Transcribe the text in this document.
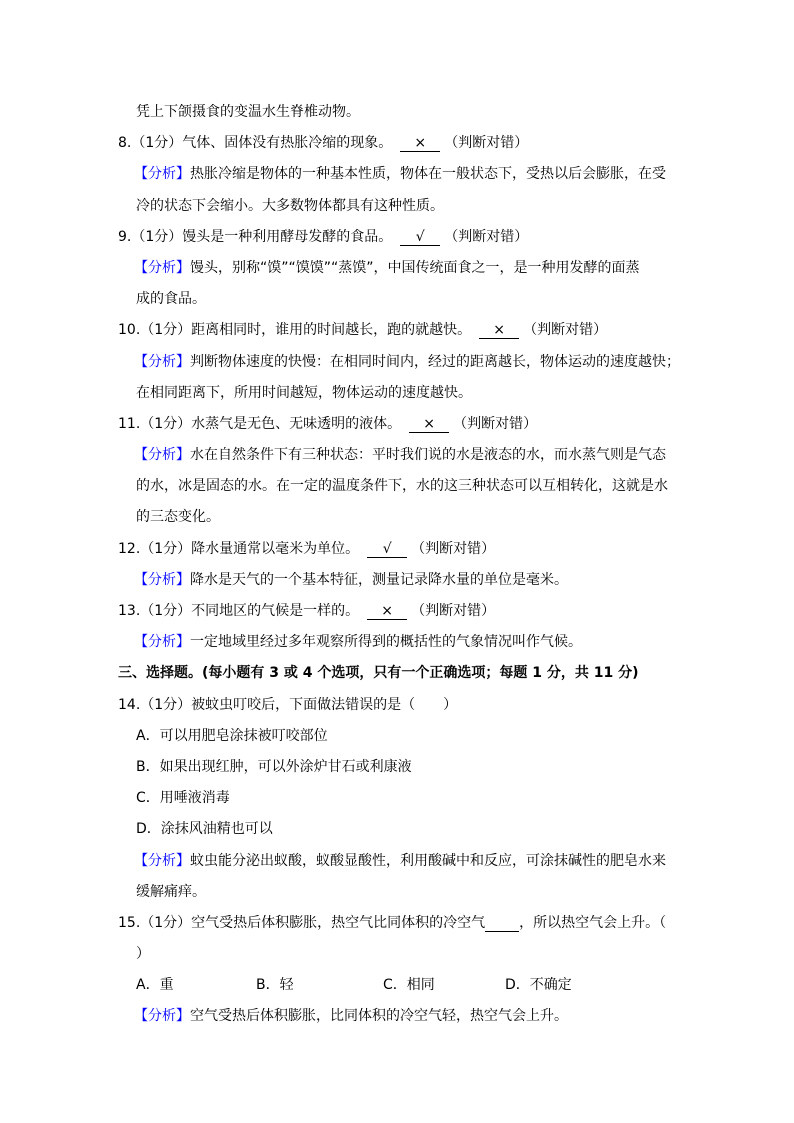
凭上下颌摄食的变温水生脊椎动物。
8.（1分）气体、固体没有热胀冷缩的现象。 × （判断对错）
【分析】热胀冷缩是物体的一种基本性质，物体在一般状态下，受热以后会膨胀，在受
冷的状态下会缩小。大多数物体都具有这种性质。
9.（1分）馒头是一种利用酵母发酵的食品。 √ （判断对错）
【分析】馒头，别称“馍”“馍馍”“蒸馍”，中国传统面食之一，是一种用发酵的面蒸
成的食品。
10.（1分）距离相同时，谁用的时间越长，跑的就越快。 × （判断对错）
【分析】判断物体速度的快慢：在相同时间内，经过的距离越长，物体运动的速度越快；
在相同距离下，所用时间越短，物体运动的速度越快。
11.（1分）水蒸气是无色、无味透明的液体。 × （判断对错）
【分析】水在自然条件下有三种状态：平时我们说的水是液态的水，而水蒸气则是气态
的水，冰是固态的水。在一定的温度条件下，水的这三种状态可以互相转化，这就是水
的三态变化。
12.（1分）降水量通常以毫米为单位。 √ （判断对错）
【分析】降水是天气的一个基本特征，测量记录降水量的单位是毫米。
13.（1分）不同地区的气候是一样的。 × （判断对错）
【分析】一定地域里经过多年观察所得到的概括性的气象情况叫作气候。
三、选择题。(每小题有 3 或 4 个选项，只有一个正确选项；每题 1 分，共 11 分)
14.（1分）被蚊虫叮咬后，下面做法错误的是（　　）
A．可以用肥皂涂抹被叮咬部位
B．如果出现红肿，可以外涂炉甘石或利康液
C．用唾液消毒
D．涂抹风油精也可以
【分析】蚊虫能分泌出蚁酸，蚁酸显酸性，利用酸碱中和反应，可涂抹碱性的肥皂水来
缓解痛痒。
15.（1分）空气受热后体积膨胀，热空气比同体积的冷空气 ，所以热空气会上升。（
）
A．重	B．轻	C．相同	D．不确定
【分析】空气受热后体积膨胀，比同体积的冷空气轻，热空气会上升。
